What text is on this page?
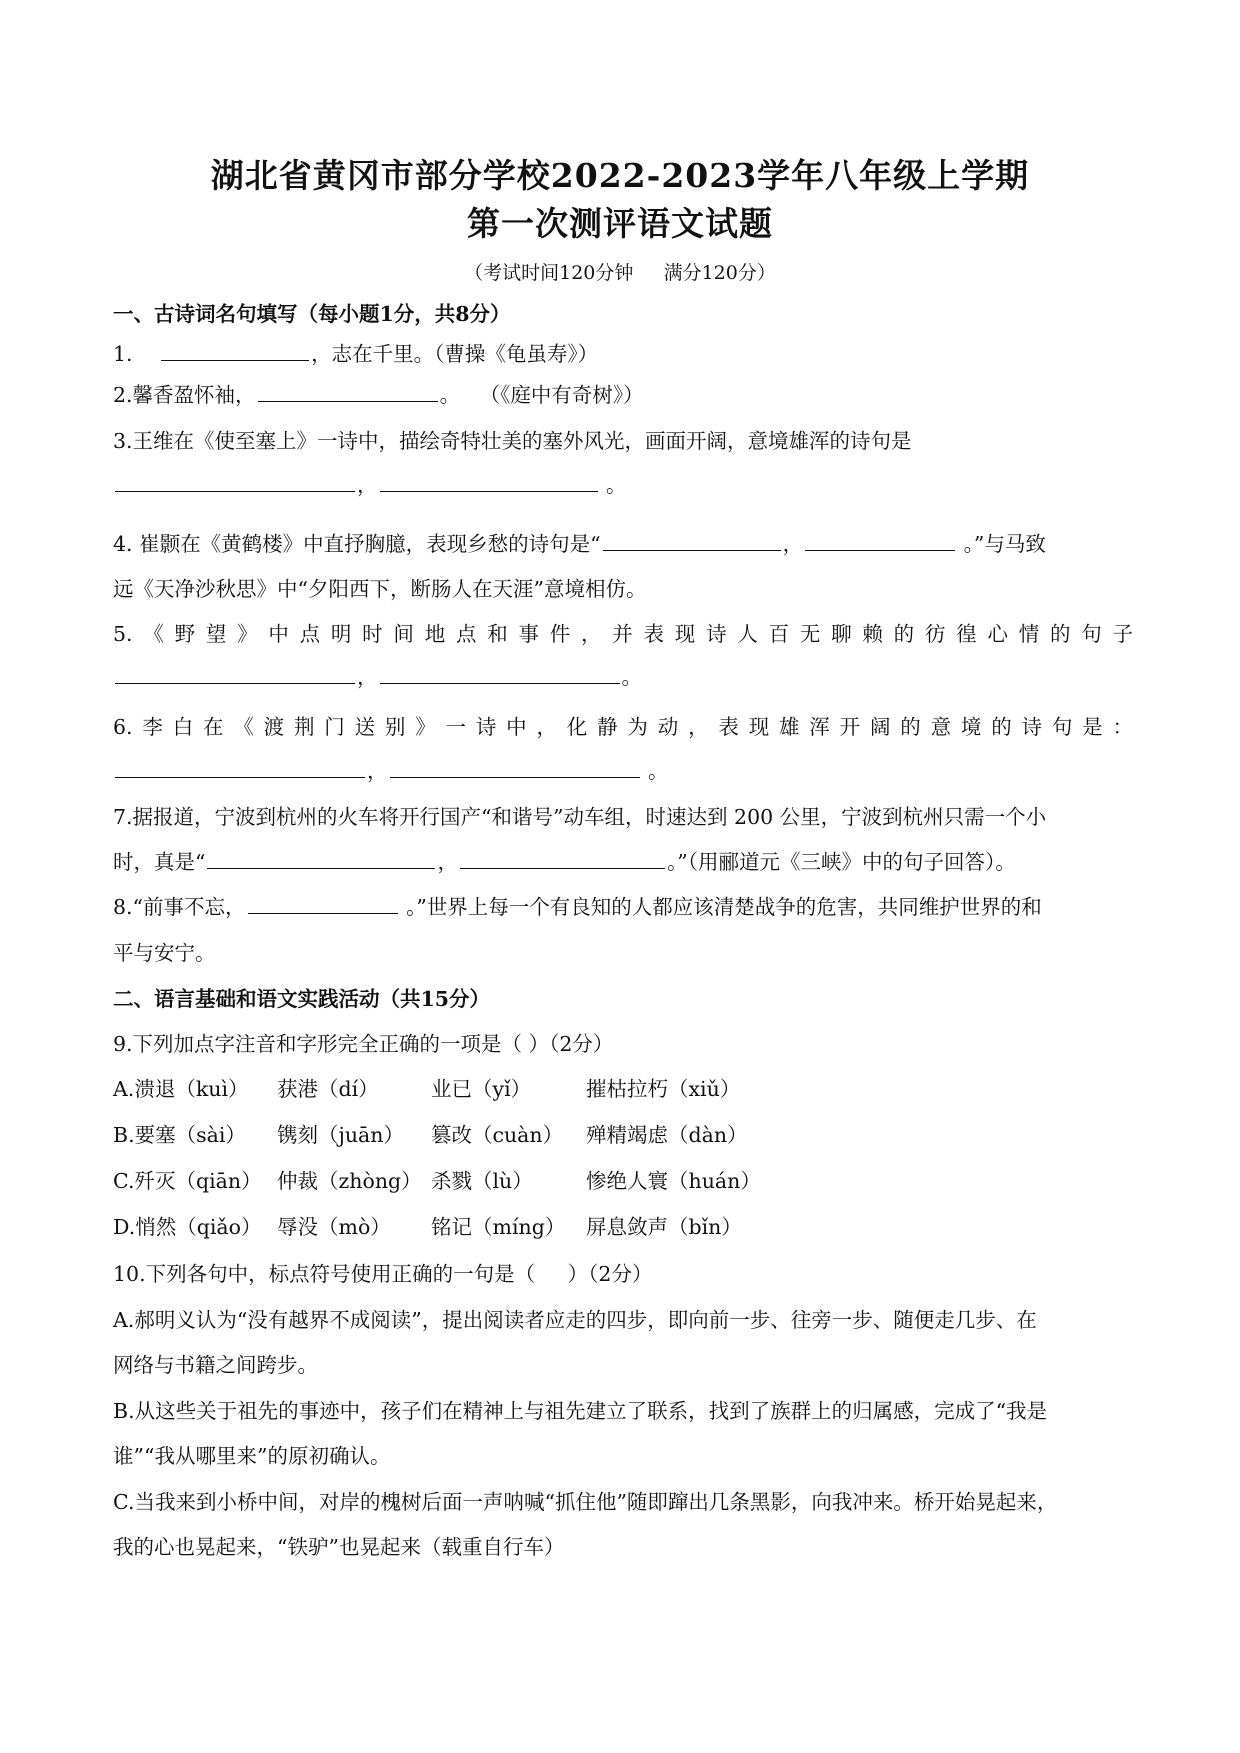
湖北省黄冈市部分学校2022-2023学年八年级上学期
第一次测评语文试题
（考试时间120分钟     满分120分）
一、古诗词名句填写（每小题1分，共8分）
1.	，志在千里。（曹操《龟虽寿》）
2.馨香盈怀袖，	。   （《庭中有奇树》）
3.王维在《使至塞上》一诗中，描绘奇特壮美的塞外风光，画面开阔，意境雄浑的诗句是
，	。
4. 崔颢在《黄鹤楼》中直抒胸臆，表现乡愁的诗句是“	，	。”与马致
远《天净沙秋思》中“夕阳西下，断肠人在天涯”意境相仿。
5.《野望》中点明时间地点和事件，并表现诗人百无聊赖的彷徨心情的句子
，	。
6.李白在《渡荆门送别》一诗中，化静为动，表现雄浑开阔的意境的诗句是：
，	。
7.据报道，宁波到杭州的火车将开行国产“和谐号”动车组，时速达到 200 公里，宁波到杭州只需一个小
时，真是“	，	。”（用郦道元《三峡》中的句子回答）。
8.“前事不忘，	。”世界上每一个有良知的人都应该清楚战争的危害，共同维护世界的和
平与安宁。
二、语言基础和语文实践活动（共15分）
9.下列加点字注音和字形完全正确的一项是（ ）（2分）
A.溃退（kuì） 获港（dí）	业已（yǐ）	摧枯拉朽（xiǔ）
B.要塞（sài） 镌刻（juān） 篡改（cuàn） 殚精竭虑（dàn）
C.歼灭（qiān） 仲裁（zhòng） 杀戮（lù）	惨绝人寰（huán）
D.悄然（qiǎo） 辱没（mò） 铭记（míng） 屏息敛声（bǐn）
10.下列各句中，标点符号使用正确的一句是（     ）（2分）
A.郝明义认为“没有越界不成阅读”，提出阅读者应走的四步，即向前一步、往旁一步、随便走几步、在
网络与书籍之间跨步。
B.从这些关于祖先的事迹中，孩子们在精神上与祖先建立了联系，找到了族群上的归属感，完成了“我是
谁”“我从哪里来”的原初确认。
C.当我来到小桥中间，对岸的槐树后面一声呐喊“抓住他”随即蹿出几条黑影，向我冲来。桥开始晃起来，
我的心也晃起来，“铁驴”也晃起来（载重自行车）
